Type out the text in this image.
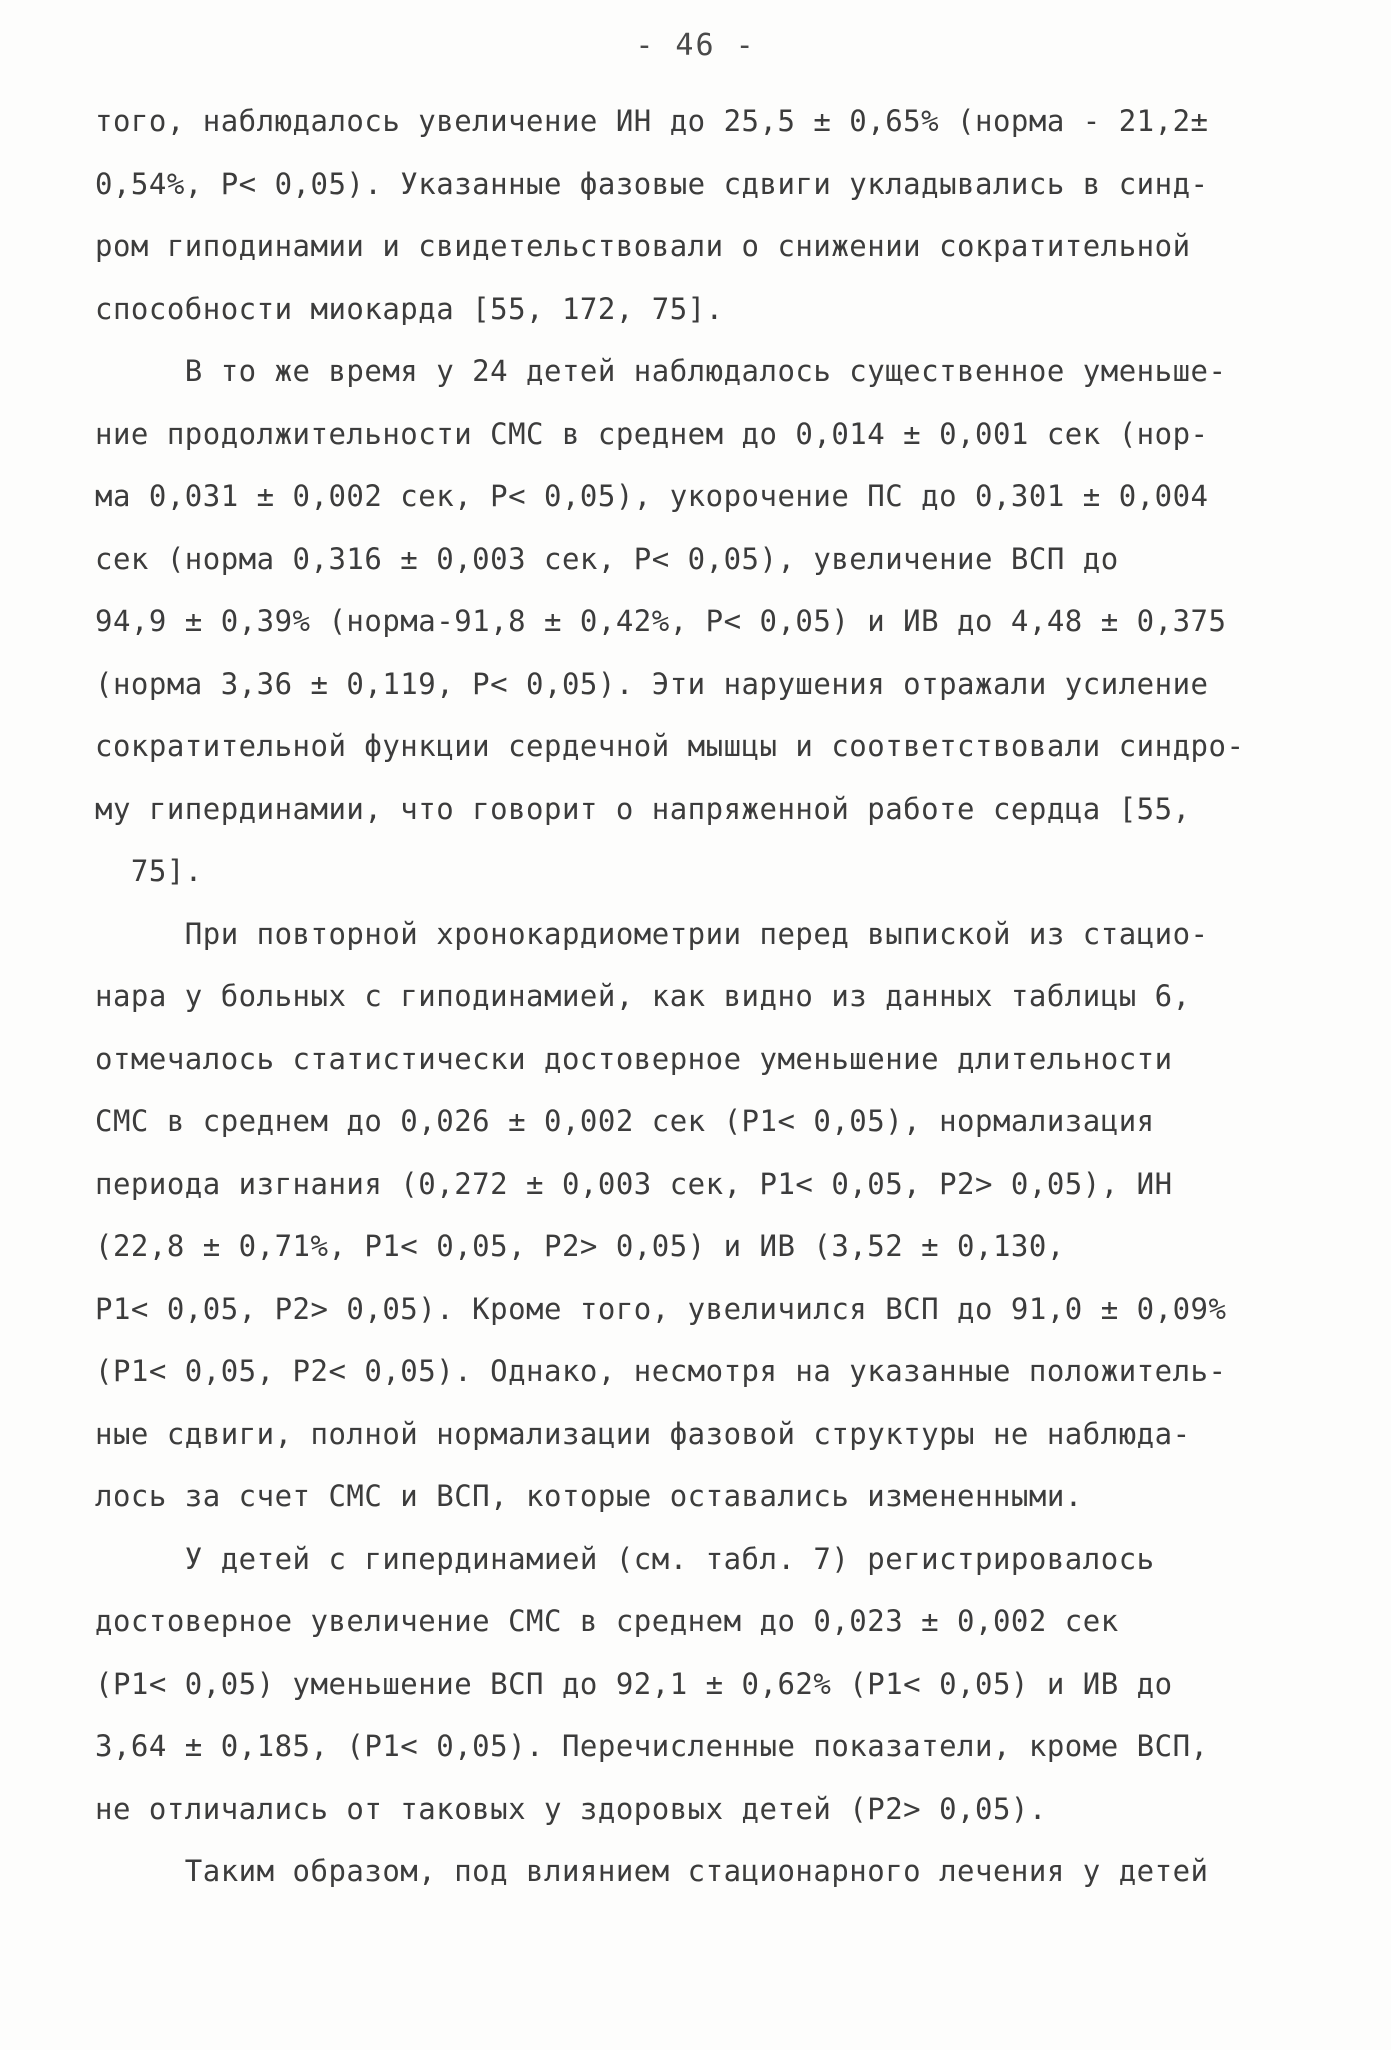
- 46 -
того, наблюдалось увеличение ИН до 25,5 ± 0,65% (норма - 21,2±
0,54%, Р< 0,05). Указанные фазовые сдвиги укладывались в синд-
ром гиподинамии и свидетельствовали о снижении сократительной
способности миокарда [55, 172, 75].
В то же время у 24 детей наблюдалось существенное уменьше-
ние продолжительности СМС в среднем до 0,014 ± 0,001 сек (нор-
ма 0,031 ± 0,002 сек, Р< 0,05), укорочение ПС до 0,301 ± 0,004
сек (норма 0,316 ± 0,003 сек, Р< 0,05), увеличение ВСП до
94,9 ± 0,39% (норма-91,8 ± 0,42%, Р< 0,05) и ИВ до 4,48 ± 0,375
(норма 3,36 ± 0,119, Р< 0,05). Эти нарушения отражали усиление
сократительной функции сердечной мышцы и соответствовали синдро-
му гипердинамии, что говорит о напряженной работе сердца [55,
75].
При повторной хронокардиометрии перед выпиской из стацио-
нара у больных с гиподинамией, как видно из данных таблицы 6,
отмечалось статистически достоверное уменьшение длительности
СМС в среднем до 0,026 ± 0,002 сек (Р1< 0,05), нормализация
периода изгнания (0,272 ± 0,003 сек, Р1< 0,05, Р2> 0,05), ИН
(22,8 ± 0,71%, Р1< 0,05, Р2> 0,05) и ИВ (3,52 ± 0,130,
Р1< 0,05, Р2> 0,05). Кроме того, увеличился ВСП до 91,0 ± 0,09%
(Р1< 0,05, Р2< 0,05). Однако, несмотря на указанные положитель-
ные сдвиги, полной нормализации фазовой структуры не наблюда-
лось за счет СМС и ВСП, которые оставались измененными.
У детей с гипердинамией (см. табл. 7) регистрировалось
достоверное увеличение СМС в среднем до 0,023 ± 0,002 сек
(Р1< 0,05) уменьшение ВСП до 92,1 ± 0,62% (Р1< 0,05) и ИВ до
3,64 ± 0,185, (Р1< 0,05). Перечисленные показатели, кроме ВСП,
не отличались от таковых у здоровых детей (Р2> 0,05).
Таким образом, под влиянием стационарного лечения у детей
